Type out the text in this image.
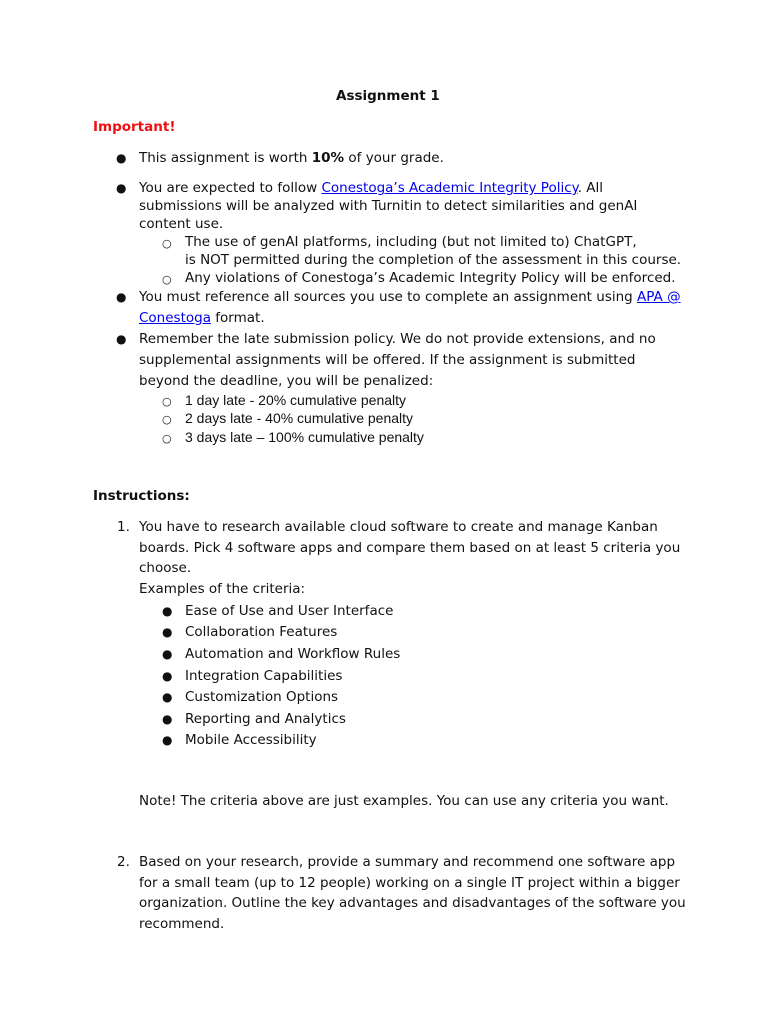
Assignment 1
Important!
● This assignment is worth 10% of your grade.
● You are expected to follow Conestoga’s Academic Integrity Policy. All
submissions will be analyzed with Turnitin to detect similarities and genAI
content use.
○ The use of genAI platforms, including (but not limited to) ChatGPT,
is NOT permitted during the completion of the assessment in this course.
○ Any violations of Conestoga’s Academic Integrity Policy will be enforced.
● You must reference all sources you use to complete an assignment using APA @
Conestoga format.
● Remember the late submission policy. We do not provide extensions, and no
supplemental assignments will be offered. If the assignment is submitted
beyond the deadline, you will be penalized:
○ 1 day late - 20% cumulative penalty
○ 2 days late - 40% cumulative penalty
○ 3 days late – 100% cumulative penalty
Instructions:
1. You have to research available cloud software to create and manage Kanban
boards. Pick 4 software apps and compare them based on at least 5 criteria you
choose.
Examples of the criteria:
● Ease of Use and User Interface
● Collaboration Features
● Automation and Workflow Rules
● Integration Capabilities
● Customization Options
● Reporting and Analytics
● Mobile Accessibility
Note! The criteria above are just examples. You can use any criteria you want.
2. Based on your research, provide a summary and recommend one software app
for a small team (up to 12 people) working on a single IT project within a bigger
organization. Outline the key advantages and disadvantages of the software you
recommend.
